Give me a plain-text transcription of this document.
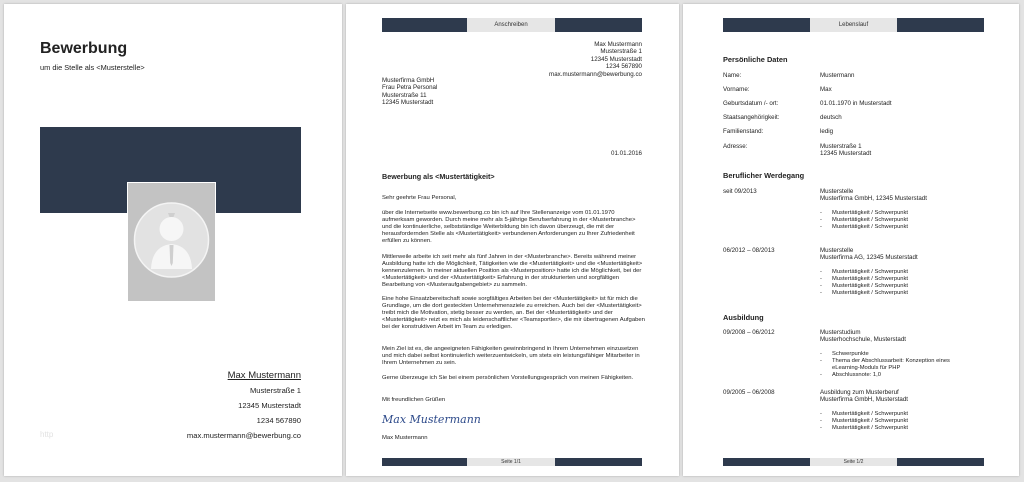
Bewerbung
um die Stelle als <Musterstelle>
Max Mustermann
Musterstraße 1
12345 Musterstadt
1234 567890
max.mustermann@bewerbung.co
http
Anschreiben
Max Mustermann
Musterstraße 1
12345 Musterstadt
1234 567890
max.mustermann@bewerbung.co
Musterfirma GmbH
Frau Petra Personal
Musterstraße 11
12345 Musterstadt
01.01.2016
Bewerbung als <Mustertätigkeit>
Sehr geehrte Frau Personal,
über die Internetseite www.bewerbung.co bin ich auf Ihre Stellenanzeige vom 01.01.1970 aufmerksam geworden. Durch meine mehr als 5-jährige Berufserfahrung in der <Musterbranche> und die kontinuierliche, selbstständige Weiterbildung bin ich davon überzeugt, die mit der herausfordernden Stelle als <Mustertätigkeit> verbundenen Anforderungen zu Ihrer Zufriedenheit erfüllen zu können.
Mittlerweile arbeite ich seit mehr als fünf Jahren in der <Musterbranche>. Bereits während meiner Ausbildung hatte ich die Möglichkeit, Tätigkeiten wie die <Mustertätigkeit> und die <Mustertätigkeit> kennenzulernen. In meiner aktuellen Position als <Musterposition> hatte ich die Möglichkeit, bei der <Mustertätigkeit> und der <Mustertätigkeit> Erfahrung in der strukturierten und sorgfältigen Bearbeitung von <Musteraufgabengebiet> zu sammeln.
Eine hohe Einsatzbereitschaft sowie sorgfältiges Arbeiten bei der <Mustertätigkeit> ist für mich die Grundlage, um die dort gesteckten Unternehmensziele zu erreichen. Auch bei der <Mustertätigkeit> treibt mich die Motivation, stetig besser zu werden, an. Bei der <Mustertätigkeit> und der <Mustertätigkeit> reizt es mich als leidenschaftlicher <Teamsportler>, die mir übertragenen Aufgaben bei der konstruktiven Arbeit im Team zu erledigen.
Mein Ziel ist es, die angeeigneten Fähigkeiten gewinnbringend in Ihrem Unternehmen einzusetzen und mich dabei selbst kontinuierlich weiterzuentwickeln, um stets ein leistungsfähiger Mitarbeiter in Ihrem Unternehmen zu sein.
Gerne überzeuge ich Sie bei einem persönlichen Vorstellungsgespräch von meinen Fähigkeiten.
Mit freundlichen Grüßen
Max Mustermann
Max Mustermann
Seite 1/1
Lebenslauf
Persönliche Daten
Name:	Mustermann
Vorname:	Max
Geburtsdatum /- ort:	01.01.1970 in Musterstadt
Staatsangehörigkeit:	deutsch
Familienstand:	ledig
Adresse:	Musterstraße 1
12345 Musterstadt
Beruflicher Werdegang
seit 09/2013	Musterstelle
Musterfirma GmbH, 12345 Musterstadt
- Mustertätigkeit / Schwerpunkt
- Mustertätigkeit / Schwerpunkt
- Mustertätigkeit / Schwerpunkt
06/2012 – 08/2013	Musterstelle
Musterfirma AG, 12345 Musterstadt
- Mustertätigkeit / Schwerpunkt
- Mustertätigkeit / Schwerpunkt
- Mustertätigkeit / Schwerpunkt
- Mustertätigkeit / Schwerpunkt
Ausbildung
09/2008 – 06/2012	Musterstudium
Musterhochschule, Musterstadt
- Schwerpunkte
- Thema der Abschlussarbeit: Konzeption eines
eLearning-Moduls für PHP
- Abschlussnote: 1,0
09/2005 – 06/2008	Ausbildung zum Musterberuf
Musterfirma GmbH, Musterstadt
- Mustertätigkeit / Schwerpunkt
- Mustertätigkeit / Schwerpunkt
- Mustertätigkeit / Schwerpunkt
Seite 1/2
